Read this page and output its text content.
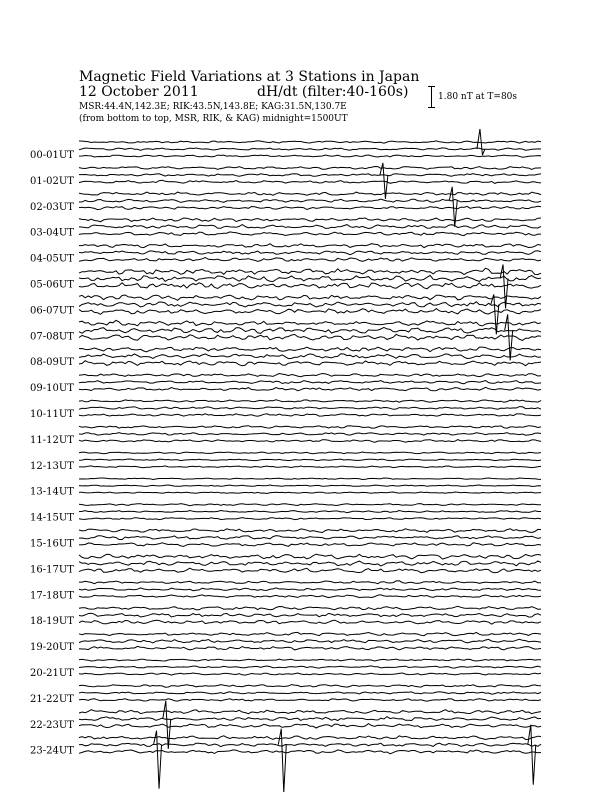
Magnetic Field Variations at 3 Stations in Japan
12 October 2011	dH/dt (filter:40-160s)
MSR:44.4N,142.3E; RIK:43.5N,143.8E; KAG:31.5N,130.7E
(from bottom to top, MSR, RIK, & KAG) midnight=1500UT
1.80 nT at T=80s
00-01UT
01-02UT
02-03UT
03-04UT
04-05UT
05-06UT
06-07UT
07-08UT
08-09UT
09-10UT
10-11UT
11-12UT
12-13UT
13-14UT
14-15UT
15-16UT
16-17UT
17-18UT
18-19UT
19-20UT
20-21UT
21-22UT
22-23UT
23-24UT
